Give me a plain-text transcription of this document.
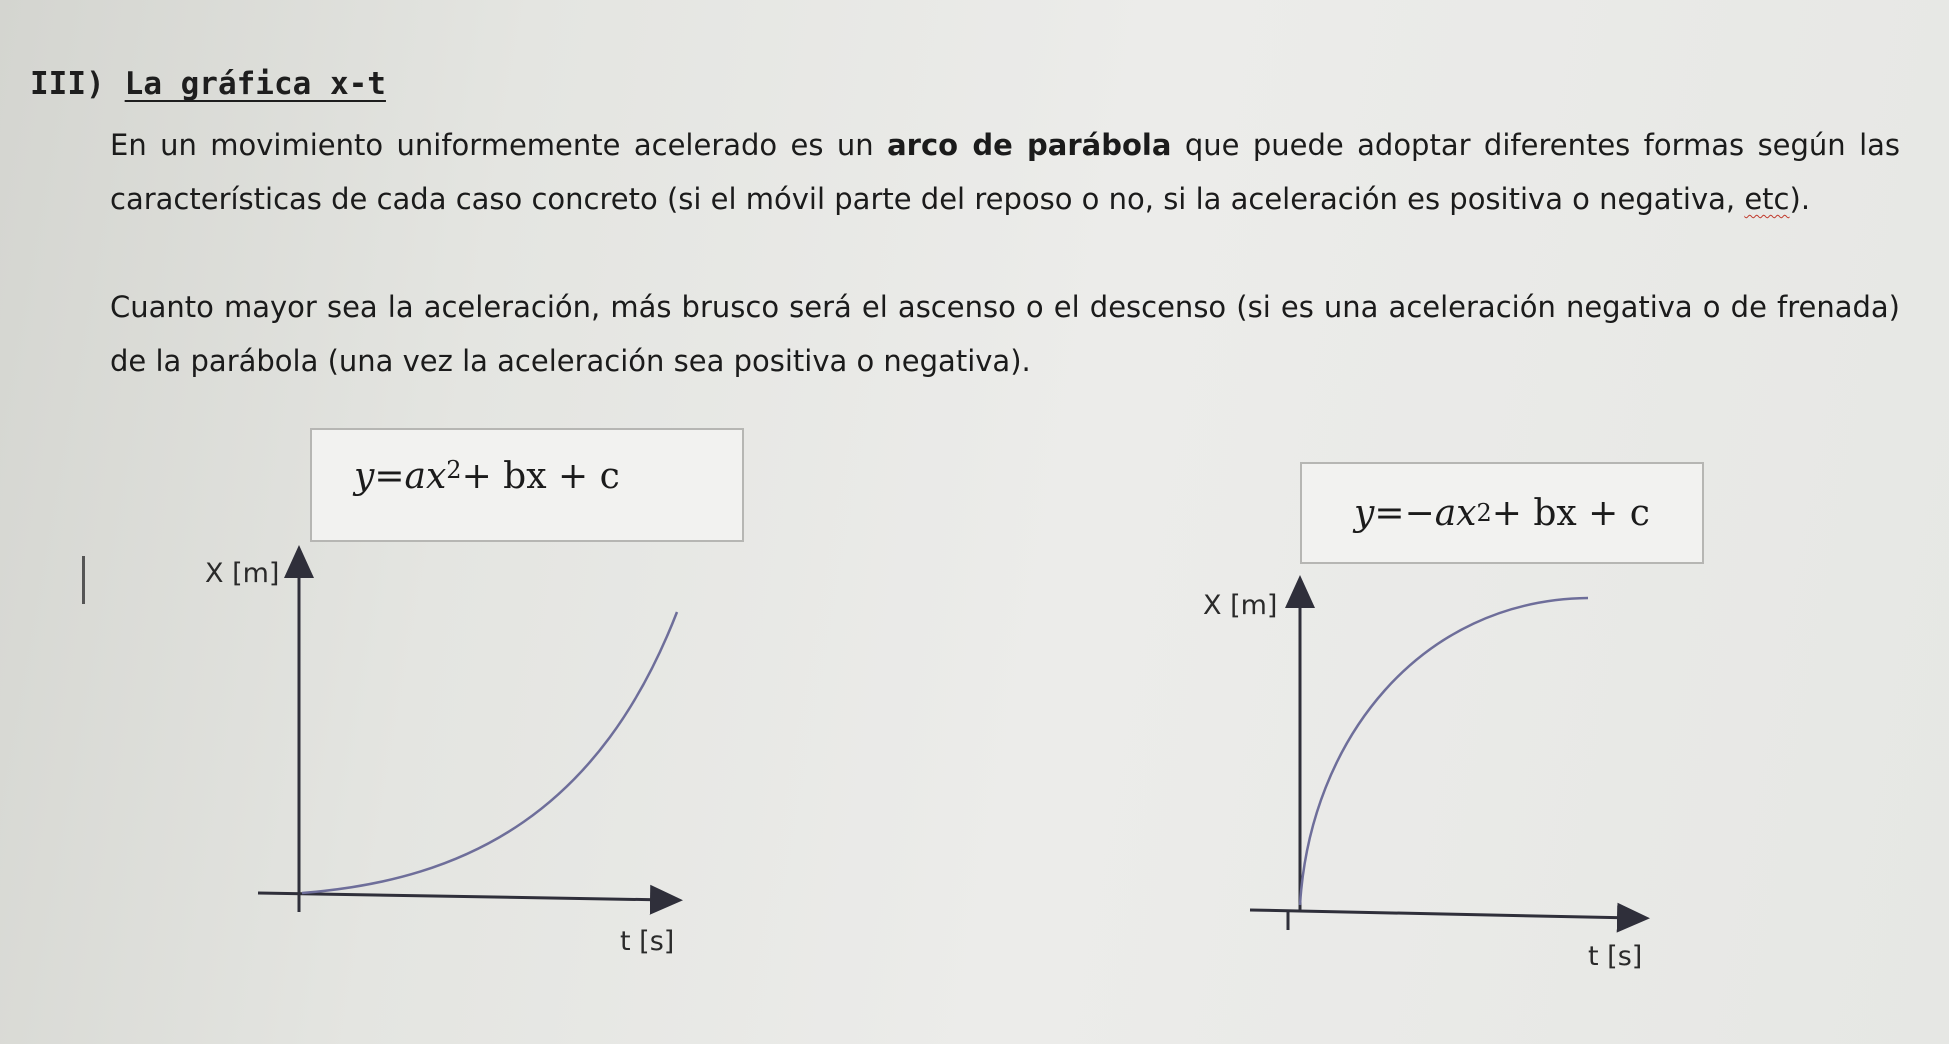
III) La gráfica x-t
En un movimiento uniformemente acelerado es un arco de parábola que puede adoptar diferentes formas según las características de cada caso concreto (si el móvil parte del reposo o no, si la aceleración es positiva o negativa, etc).
Cuanto mayor sea la aceleración, más brusco será el ascenso o el descenso (si es una aceleración negativa o de frenada) de la parábola (una vez la aceleración sea positiva o negativa).
y = ax 2 + bx + c
y =− ax 2 + bx + c
X [m]
t [s]
X [m]
t [s]
